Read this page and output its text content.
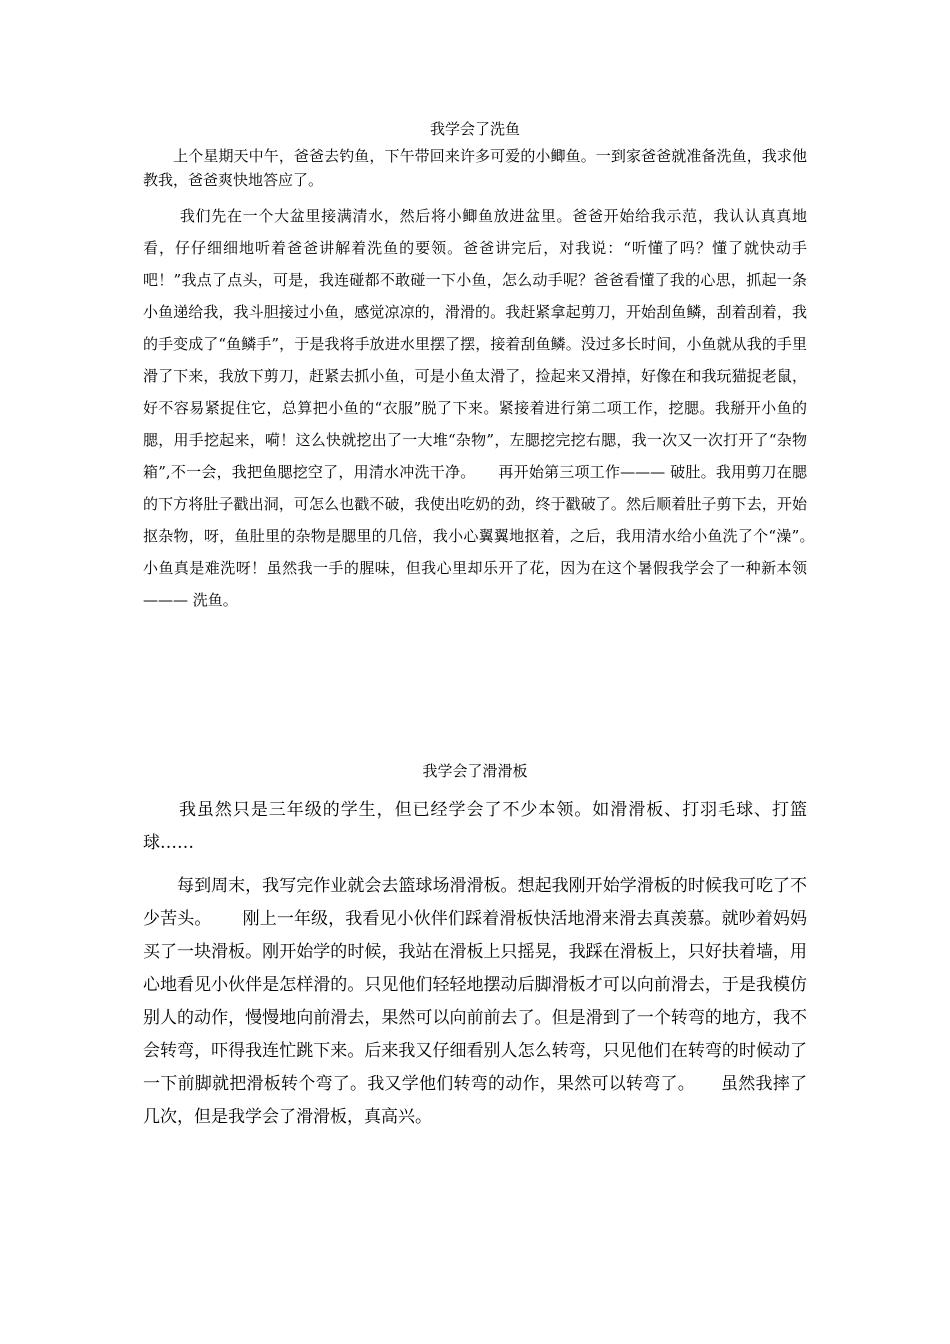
我学会了洗鱼

　　上个星期天中午，爸爸去钓鱼，下午带回来许多可爱的小鲫鱼。一到家爸爸就准备洗鱼，我求他教我，爸爸爽快地答应了。

　　 我们先在一个大盆里接满清水，然后将小鲫鱼放进盆里。爸爸开始给我示范，我认认真真地看，仔仔细细地听着爸爸讲解着洗鱼的要领。爸爸讲完后，对我说：“听懂了吗？懂了就快动手吧！”我点了点头，可是，我连碰都不敢碰一下小鱼，怎么动手呢？爸爸看懂了我的心思，抓起一条小鱼递给我，我斗胆接过小鱼，感觉凉凉的，滑滑的。我赶紧拿起剪刀，开始刮鱼鳞，刮着刮着，我的手变成了“鱼鳞手”，于是我将手放进水里摆了摆，接着刮鱼鳞。没过多长时间，小鱼就从我的手里滑了下来，我放下剪刀，赶紧去抓小鱼，可是小鱼太滑了，捡起来又滑掉，好像在和我玩猫捉老鼠，好不容易紧捉住它，总算把小鱼的“衣服”脱了下来。紧接着进行第二项工作，挖腮。我掰开小鱼的腮，用手挖起来，嗬！这么快就挖出了一大堆“杂物”，左腮挖完挖右腮，我一次又一次打开了“杂物箱”,不一会，我把鱼腮挖空了，用清水冲洗干净。　　再开始第三项工作——— 破肚。我用剪刀在腮的下方将肚子戳出洞，可怎么也戳不破，我使出吃奶的劲，终于戳破了。然后顺着肚子剪下去，开始抠杂物，呀，鱼肚里的杂物是腮里的几倍，我小心翼翼地抠着，之后，我用清水给小鱼洗了个“澡”。　　小鱼真是难洗呀！虽然我一手的腥味，但我心里却乐开了花，因为在这个暑假我学会了一种新本领——— 洗鱼。

我学会了滑滑板

　　我虽然只是三年级的学生，但已经学会了不少本领。如滑滑板、打羽毛球、打篮球……

　　每到周末，我写完作业就会去篮球场滑滑板。想起我刚开始学滑板的时候我可吃了不少苦头。　　 刚上一年级，我看见小伙伴们踩着滑板快活地滑来滑去真羡慕。就吵着妈妈买了一块滑板。刚开始学的时候，我站在滑板上只摇晃，我踩在滑板上，只好扶着墙，用心地看见小伙伴是怎样滑的。只见他们轻轻地摆动后脚滑板才可以向前滑去，于是我模仿别人的动作，慢慢地向前滑去，果然可以向前前去了。但是滑到了一个转弯的地方，我不会转弯，吓得我连忙跳下来。后来我又仔细看别人怎么转弯，只见他们在转弯的时候动了一下前脚就把滑板转个弯了。我又学他们转弯的动作，果然可以转弯了。　　虽然我摔了几次，但是我学会了滑滑板，真高兴。
